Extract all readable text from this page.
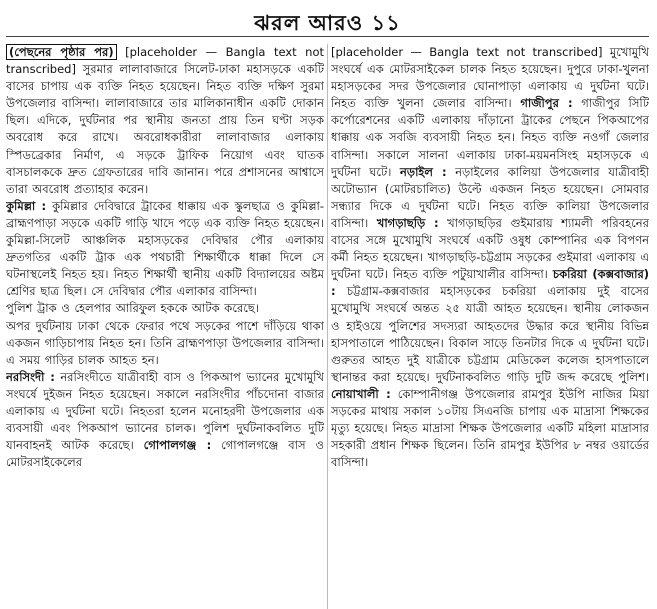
ঝরল আরও ১১

(পেছনের পৃষ্ঠার পর) [placeholder — Bangla text not transcribed] সুরমার লালাবাজারে সিলেট-ঢাকা মহাসড়কে একটি বাসের চাপায় এক ব্যক্তি নিহত হয়েছেন। নিহত ব্যক্তি দক্ষিণ সুরমা উপজেলার বাসিন্দা। লালাবাজারে তার মালিকানাধীন একটি দোকান ছিল। এদিকে, দুর্ঘটনার পর স্থানীয় জনতা প্রায় তিন ঘণ্টা সড়ক অবরোধ করে রাখে। অবরোধকারীরা লালাবাজার এলাকায় স্পিডব্রেকার নির্মাণ, এ সড়কে ট্রাফিক নিয়োগ এবং ঘাতক বাসচালককে দ্রুত গ্রেফতারের দাবি জানান। পরে প্রশাসনের আশ্বাসে তারা অবরোধ প্রত্যাহার করেন।

কুমিল্লা : কুমিল্লার দেবিদ্বারে ট্রাকের ধাক্কায় এক স্কুলছাত্র ও কুমিল্লা-ব্রাহ্মণপাড়া সড়কে একটি গাড়ি খাদে পড়ে এক ব্যক্তি নিহত হয়েছেন। কুমিল্লা-সিলেট আঞ্চলিক মহাসড়কের দেবিদ্বার পৌর এলাকায় দ্রুতগতির একটি ট্রাক এক পথচারী শিক্ষার্থীকে ধাক্কা দিলে সে ঘটনাস্থলেই নিহত হয়। নিহত শিক্ষার্থী স্থানীয় একটি বিদ্যালয়ের অষ্টম শ্রেণির ছাত্র ছিল। সে দেবিদ্বার পৌর এলাকার বাসিন্দা।

পুলিশ ট্রাক ও হেলপার আরিফুল হককে আটক করেছে।

অপর দুর্ঘটনায় ঢাকা থেকে ফেরার পথে সড়কের পাশে দাঁড়িয়ে থাকা একজন গাড়িচাপায় নিহত হন। তিনি ব্রাহ্মণপাড়া উপজেলার বাসিন্দা। এ সময় গাড়ির চালক আহত হন।

নরসিংদী : নরসিংদীতে যাত্রীবাহী বাস ও পিকআপ ভ্যানের মুখোমুখি সংঘর্ষে দুইজন নিহত হয়েছেন। সকালে নরসিংদীর পাঁচদোনা বাজার এলাকায় এ দুর্ঘটনা ঘটে। নিহতরা হলেন মনোহরদী উপজেলার এক ব্যবসায়ী এবং পিকআপ ভ্যানের চালক। পুলিশ দুর্ঘটনাকবলিত দুটি যানবাহনই আটক করেছে। গোপালগঞ্জ : গোপালগঞ্জে বাস ও মোটরসাইকেলের

[placeholder — Bangla text not transcribed] মুখোমুখি সংঘর্ষে এক মোটরসাইকেল চালক নিহত হয়েছেন। দুপুরে ঢাকা-খুলনা মহাসড়কের সদর উপজেলার ঘোনাপাড়া এলাকায় এ দুর্ঘটনা ঘটে। নিহত ব্যক্তি খুলনা জেলার বাসিন্দা। গাজীপুর : গাজীপুর সিটি কর্পোরেশনের একটি এলাকায় দাঁড়ানো ট্রাকের পেছনে পিকআপের ধাক্কায় এক সবজি ব্যবসায়ী নিহত হন। নিহত ব্যক্তি নওগাঁ জেলার বাসিন্দা। সকালে সালনা এলাকায় ঢাকা-ময়মনসিংহ মহাসড়কে এ দুর্ঘটনা ঘটে। নড়াইল : নড়াইলের কালিয়া উপজেলার যাত্রীবাহী অটোভ্যান (মোটরচালিত) উল্টে একজন নিহত হয়েছেন। সোমবার সন্ধ্যার দিকে এ দুর্ঘটনা ঘটে। নিহত ব্যক্তি কালিয়া উপজেলার বাসিন্দা। খাগড়াছড়ি : খাগড়াছড়ির গুইমারায় শ্যামলী পরিবহনের বাসের সঙ্গে মুখোমুখি সংঘর্ষে একটি ওষুধ কোম্পানির এক বিপণন কর্মী নিহত হয়েছেন। খাগড়াছড়ি-চট্টগ্রাম সড়কের গুইমারা এলাকায় এ দুর্ঘটনা ঘটে। নিহত ব্যক্তি পটুয়াখালীর বাসিন্দা। চকরিয়া (কক্সবাজার) : চট্টগ্রাম-কক্সবাজার মহাসড়কের চকরিয়া এলাকায় দুই বাসের মুখোমুখি সংঘর্ষে অন্তত ২৫ যাত্রী আহত হয়েছেন। স্থানীয় লোকজন ও হাইওয়ে পুলিশের সদস্যরা আহতদের উদ্ধার করে স্থানীয় বিভিন্ন হাসপাতালে পাঠিয়েছেন। বিকাল সাড়ে তিনটার দিকে এ দুর্ঘটনা ঘটে। গুরুতর আহত দুই যাত্রীকে চট্টগ্রাম মেডিকেল কলেজ হাসপাতালে স্থানান্তর করা হয়েছে। দুর্ঘটনাকবলিত গাড়ি দুটি জব্দ করেছে পুলিশ। নোয়াখালী : কোম্পানীগঞ্জ উপজেলার রামপুর ইউপি নাজির মিয়া সড়কের মাথায় সকাল ১০টায় সিএনজি চাপায় এক মাদ্রাসা শিক্ষকের মৃত্যু হয়েছে। নিহত মাদ্রাসা শিক্ষক উপজেলার একটি মহিলা মাদ্রাসার সহকারী প্রধান শিক্ষক ছিলেন। তিনি রামপুর ইউপির ৮ নম্বর ওয়ার্ডের বাসিন্দা।
